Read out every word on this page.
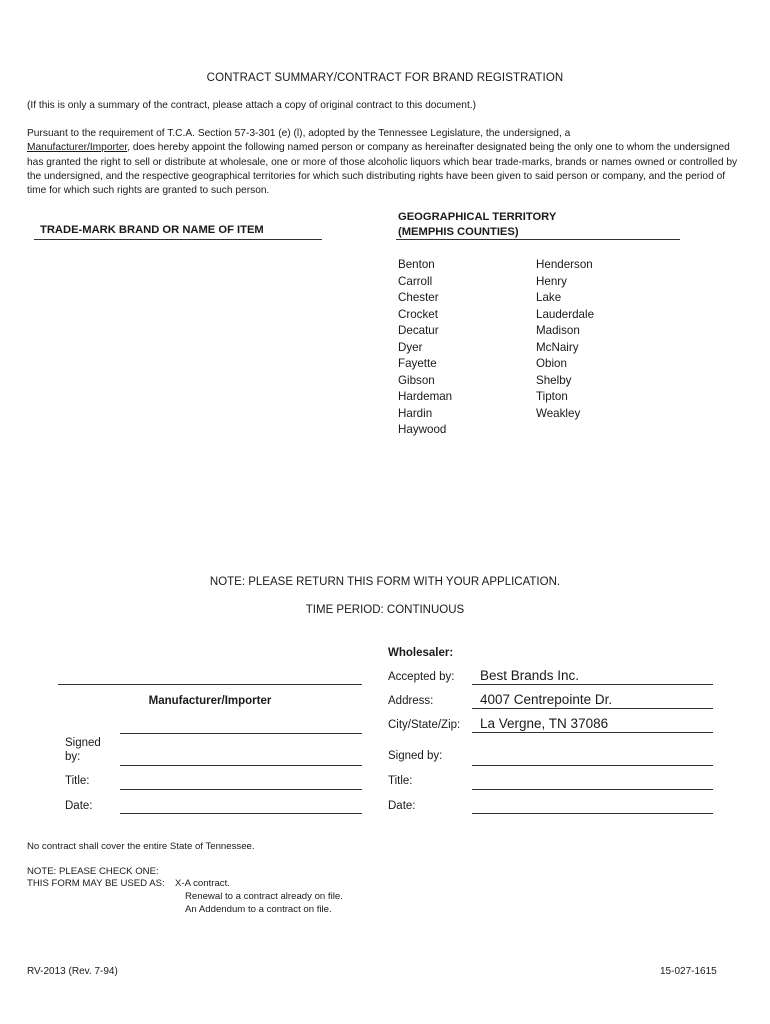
CONTRACT SUMMARY/CONTRACT FOR BRAND REGISTRATION
(If this is only a summary of the contract, please attach a copy of original contract to this document.)
Pursuant to the requirement of T.C.A. Section 57-3-301 (e) (l), adopted by the Tennessee Legislature, the undersigned, a
Manufacturer/Importer, does hereby appoint the following named person or company as hereinafter designated being the only one to whom the undersigned has granted the right to sell or distribute at wholesale, one or more of those alcoholic liquors which bear trade-marks, brands or names owned or controlled by the undersigned, and the respective geographical territories for which such distributing rights have been given to said person or company, and the period of time for which such rights are granted to such person.
TRADE-MARK BRAND OR NAME OF ITEM
GEOGRAPHICAL TERRITORY
(MEMPHIS COUNTIES)
Benton
Carroll
Chester
Crocket
Decatur
Dyer
Fayette
Gibson
Hardeman
Hardin
Haywood
Henderson
Henry
Lake
Lauderdale
Madison
McNairy
Obion
Shelby
Tipton
Weakley
NOTE: PLEASE RETURN THIS FORM WITH YOUR APPLICATION.
TIME PERIOD: CONTINUOUS
Wholesaler:
Accepted by: Best Brands Inc.
Address:	4007 Centrepointe Dr.
City/State/Zip: La Vergne, TN 37086
Signed by:
Title:
Date:
Manufacturer/Importer
Signed
by:
Title:
Date:
No contract shall cover the entire State of Tennessee.
NOTE: PLEASE CHECK ONE:
THIS FORM MAY BE USED AS: X-A contract.
Renewal to a contract already on file.
An Addendum to a contract on file.
RV-2013 (Rev. 7-94)	15-027-1615
